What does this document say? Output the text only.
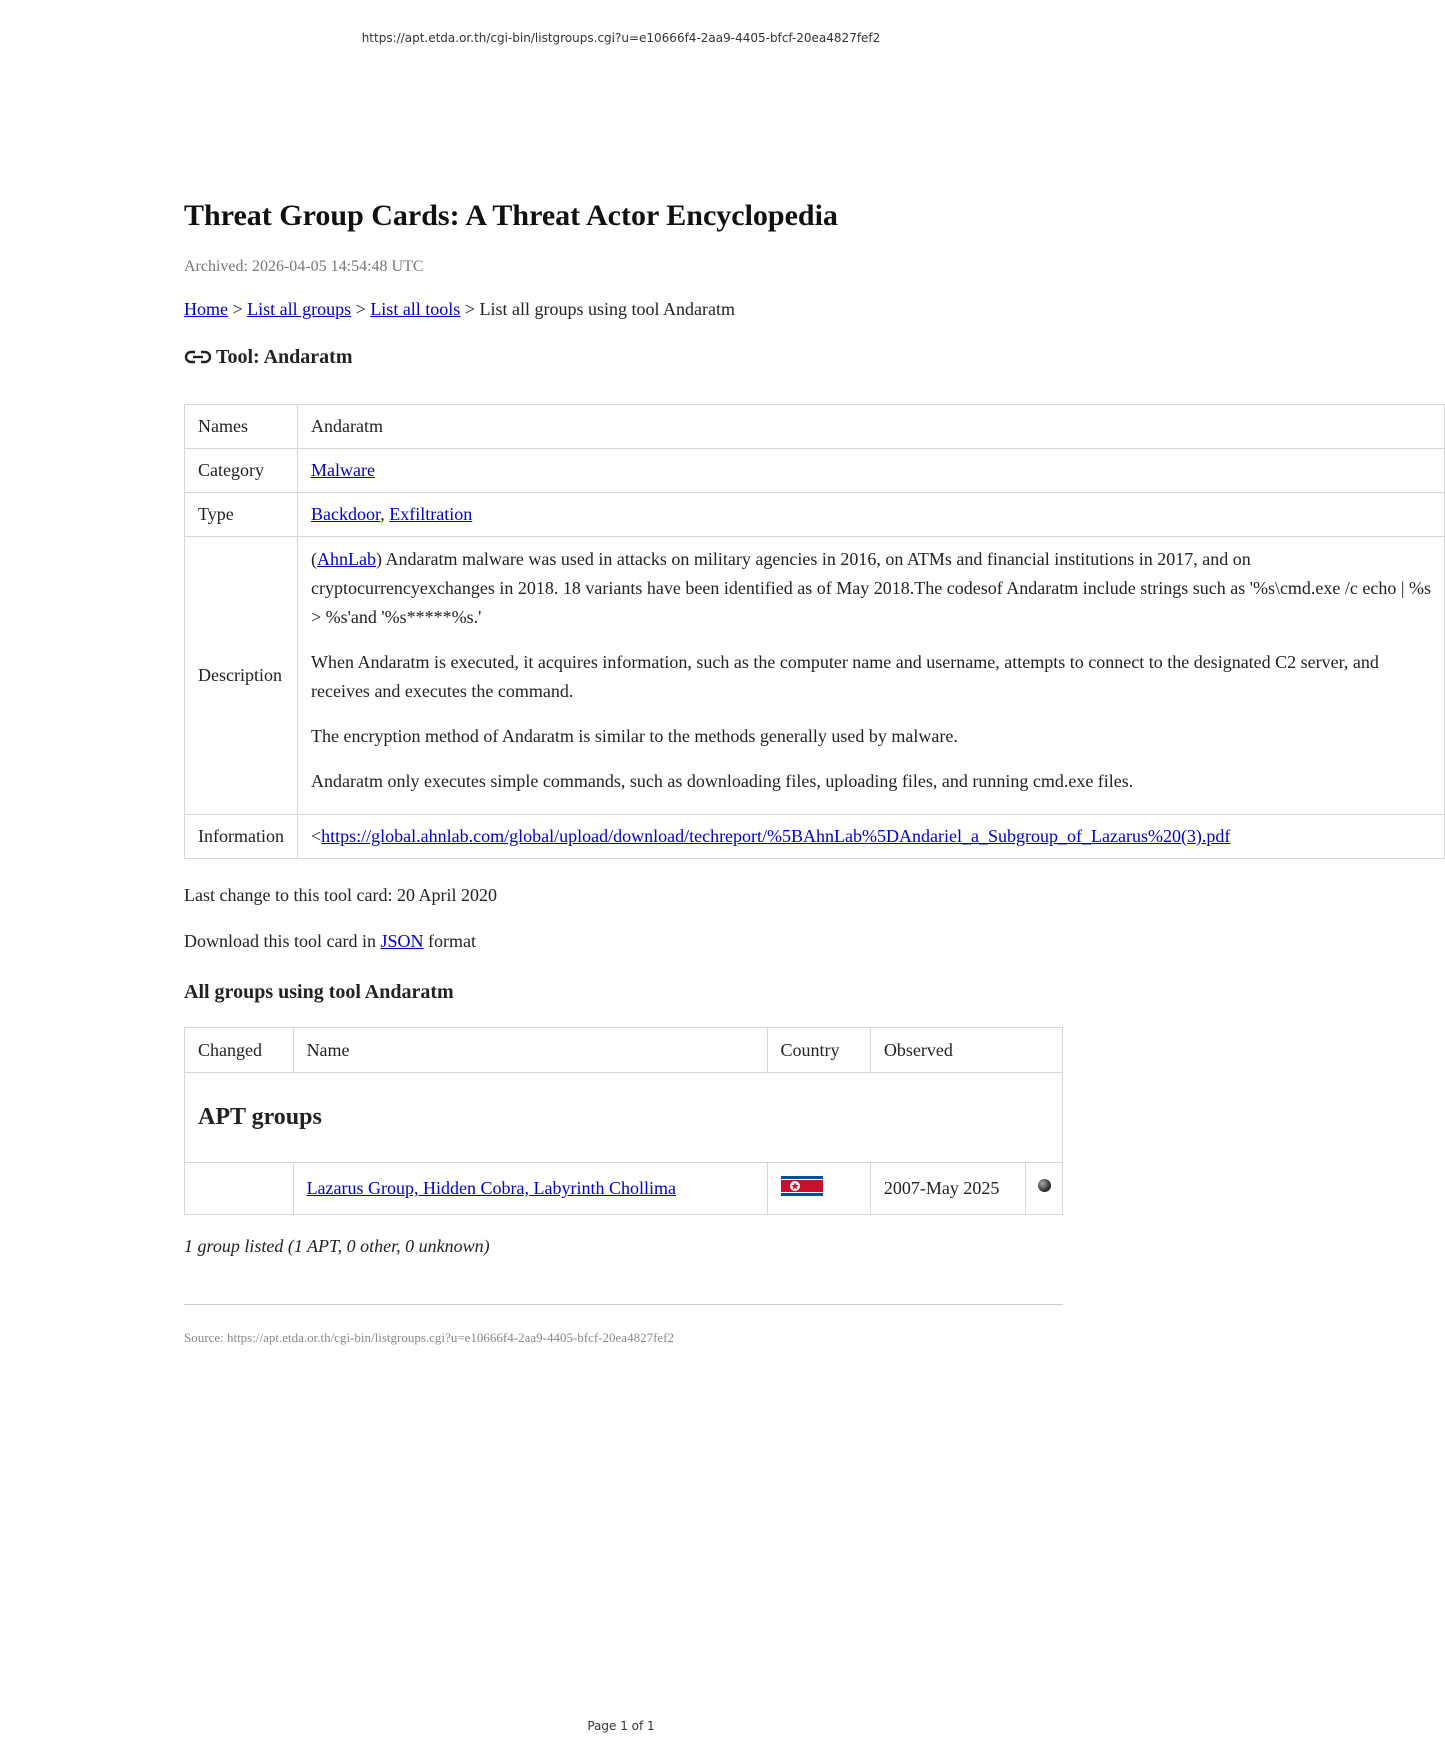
https://apt.etda.or.th/cgi-bin/listgroups.cgi?u=e10666f4-2aa9-4405-bfcf-20ea4827fef2
Threat Group Cards: A Threat Actor Encyclopedia
Archived: 2026-04-05 14:54:48 UTC
Home > List all groups > List all tools > List all groups using tool Andaratm
Tool: Andaratm
Names	Andaratm
Category	Malware
Type	Backdoor, Exfiltration
Description	(AhnLab) Andaratm malware was used in attacks on military agencies in 2016, on ATMs and financial institutions in 2017, and on cryptocurrencyexchanges in 2018. 18 variants have been identified as of May 2018.The codesof Andaratm include strings such as '%s\cmd.exe /c echo | %s > %s'and '%s*****%s.'

When Andaratm is executed, it acquires information, such as the computer name and username, attempts to connect to the designated C2 server, and receives and executes the command.

The encryption method of Andaratm is similar to the methods generally used by malware.

Andaratm only executes simple commands, such as downloading files, uploading files, and running cmd.exe files.

Information	<https://global.ahnlab.com/global/upload/download/techreport/%5BAhnLab%5DAndariel_a_Subgroup_of_Lazarus%20(3).pdf
Last change to this tool card: 20 April 2020
Download this tool card in JSON format
All groups using tool Andaratm
Changed	Name	Country	Observed	
APT groups				
	Lazarus Group, Hidden Cobra, Labyrinth Chollima		2007-May 2025	
1 group listed (1 APT, 0 other, 0 unknown)
Source: https://apt.etda.or.th/cgi-bin/listgroups.cgi?u=e10666f4-2aa9-4405-bfcf-20ea4827fef2
Page 1 of 1
